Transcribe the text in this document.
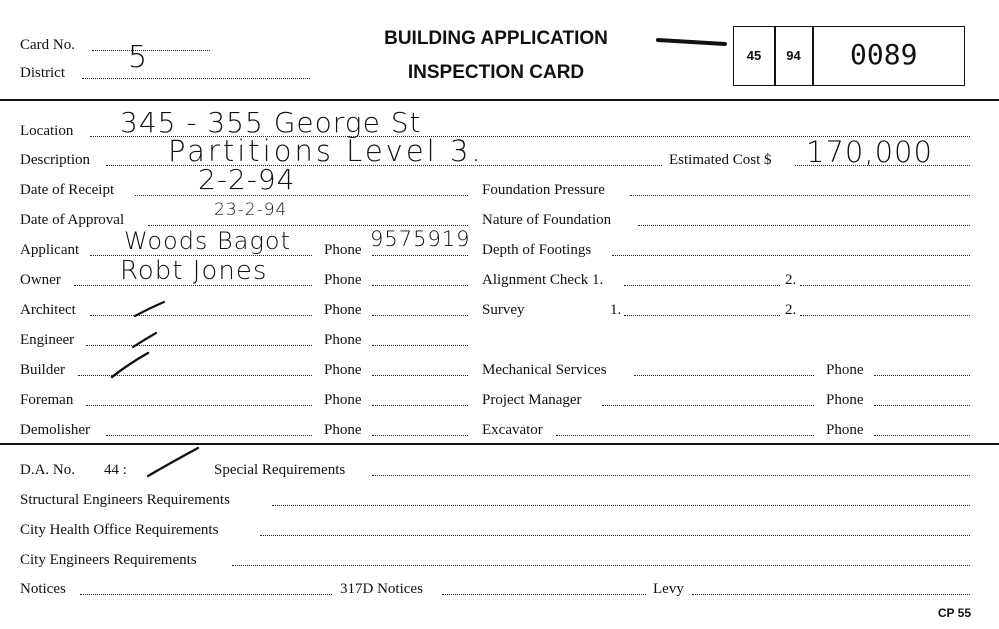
Card No.
District 5
BUILDING APPLICATION
INSPECTION CARD
45	94	0089
Location 345 - 355 George St
Description	Partitions Level 3.	Estimated Cost $ 170,000
Date of Receipt	2-2-94
Date of Approval	23-2-94
Applicant Woods Bagot Phone 9575919
Owner Robt Jones	Phone
Architect	Phone
Engineer	Phone
Builder	Phone
Foreman	Phone
Demolisher	Phone
Foundation Pressure
Nature of Foundation
Depth of Footings
Alignment Check 1.	2.
Survey	1.	2.
Mechanical Services	Phone
Project Manager	Phone
Excavator	Phone
D.A. No. 44 :	Special Requirements
Structural Engineers Requirements
City Health Office Requirements
City Engineers Requirements
Notices	317D Notices	Levy
CP 55
